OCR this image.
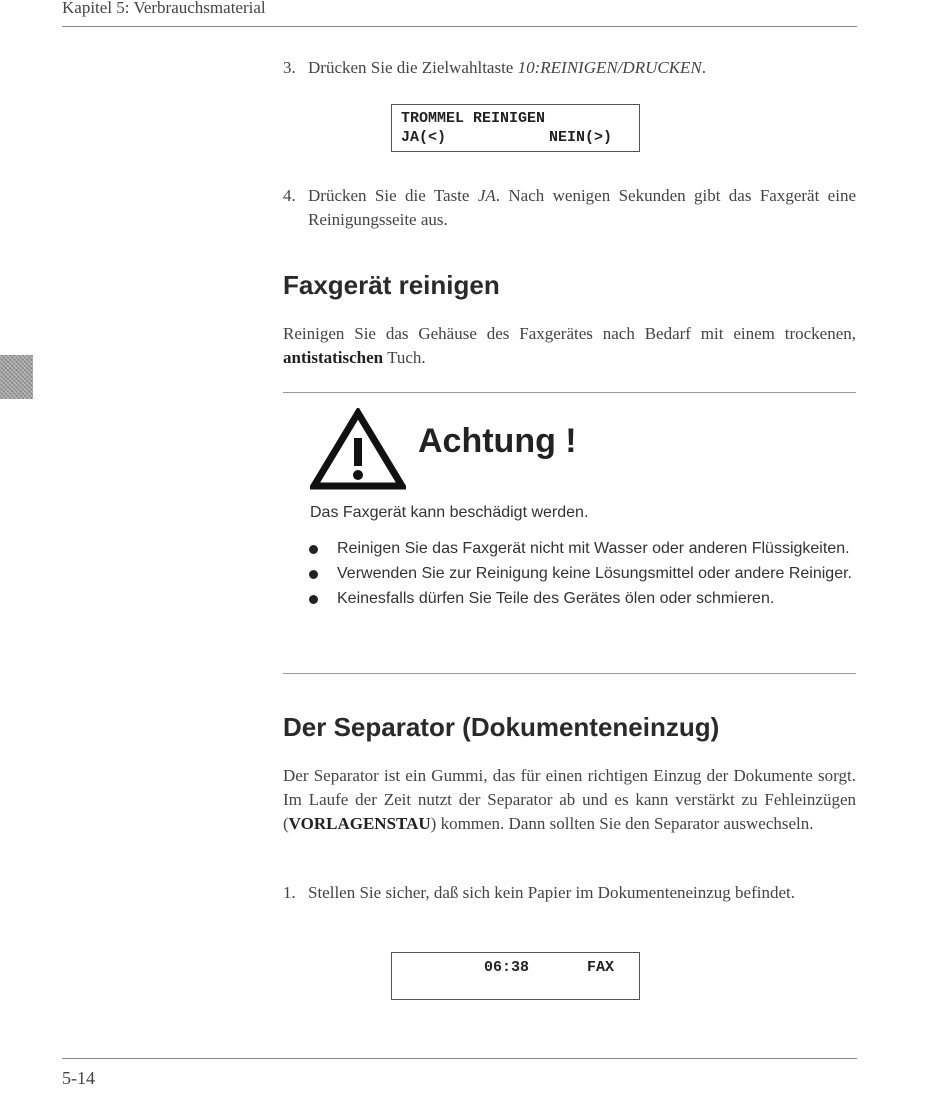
Kapitel 5: Verbrauchsmaterial
3. Drücken Sie die Zielwahltaste 10:REINIGEN/DRUCKEN.
TROMMEL REINIGEN
JA(<)	NEIN(>)
4. Drücken Sie die Taste JA. Nach wenigen Sekunden gibt das Faxgerät eine Reinigungsseite aus.
Faxgerät reinigen

Reinigen Sie das Gehäuse des Faxgerätes nach Bedarf mit einem trockenen, antistatischen Tuch.

Achtung !
Das Faxgerät kann beschädigt werden.
Reinigen Sie das Faxgerät nicht mit Wasser oder anderen Flüssigkeiten.
Verwenden Sie zur Reinigung keine Lösungsmittel oder andere Reiniger.
Keinesfalls dürfen Sie Teile des Gerätes ölen oder schmieren.
Der Separator (Dokumenteneinzug)

Der Separator ist ein Gummi, das für einen richtigen Einzug der Dokumente sorgt. Im Laufe der Zeit nutzt der Separator ab und es kann verstärkt zu Fehleinzügen (VORLAGENSTAU) kommen. Dann sollten Sie den Separator auswechseln.

1. Stellen Sie sicher, daß sich kein Papier im Dokumenteneinzug befindet.
06:38	FAX
5-14
